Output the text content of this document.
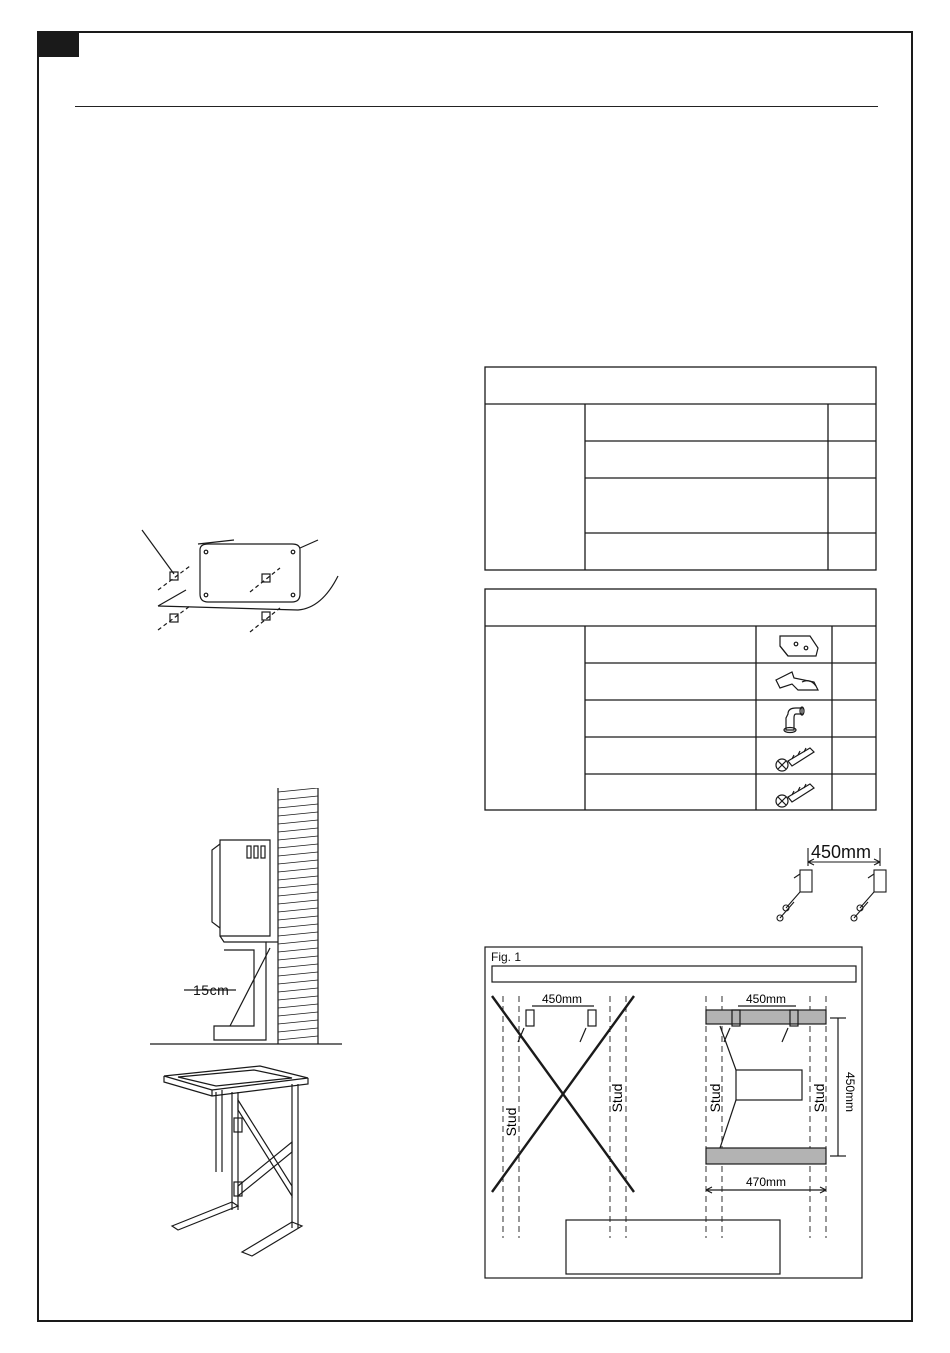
15cm
450mm
Stud
Stud	Stud	Stud
450mm	450mm
450mm
470mm
Fig. 1
